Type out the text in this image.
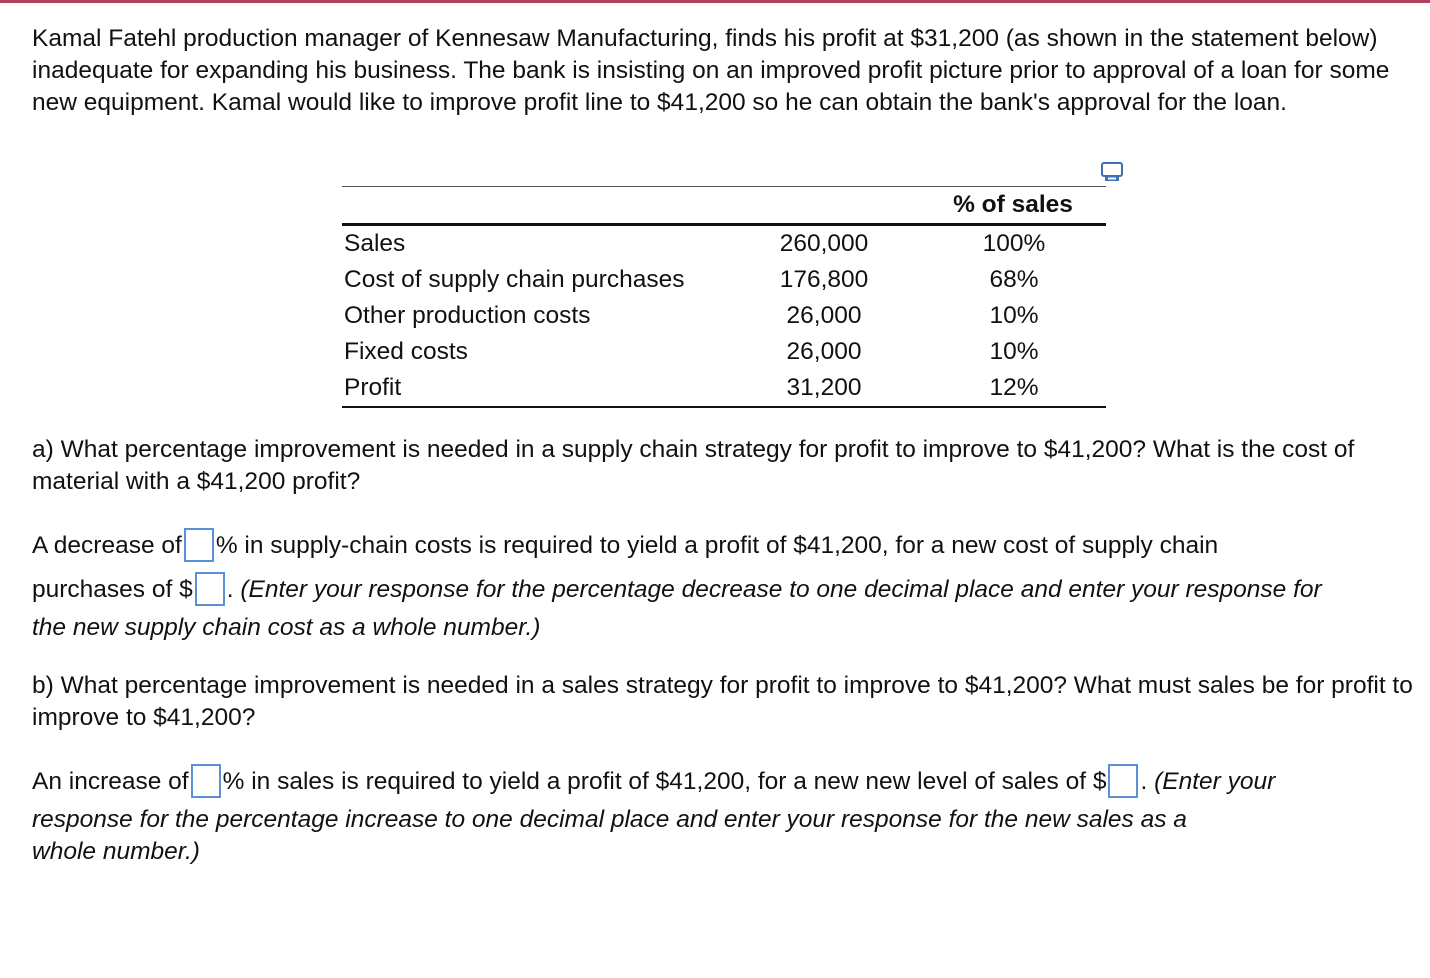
Kamal Fatehl production manager of Kennesaw Manufacturing, finds his profit at $31,200 (as shown in the statement below) inadequate for expanding his business. The bank is insisting on an improved profit picture prior to approval of a loan for some new equipment. Kamal would like to improve profit line to $41,200 so he can obtain the bank's approval for the loan.

% of sales
Sales	260,000	100%
Cost of supply chain purchases	176,800	68%
Other production costs	26,000	10%
Fixed costs	26,000	10%
Profit	31,200	12%

a) What percentage improvement is needed in a supply chain strategy for profit to improve to $41,200? What is the cost of material with a $41,200 profit?

A decrease of % in supply-chain costs is required to yield a profit of $41,200, for a new cost of supply chain
purchases of $ . (Enter your response for the percentage decrease to one decimal place and enter your response for
the new supply chain cost as a whole number.)

b) What percentage improvement is needed in a sales strategy for profit to improve to $41,200? What must sales be for profit to improve to $41,200?

An increase of % in sales is required to yield a profit of $41,200, for a new new level of sales of $ . (Enter your
response for the percentage increase to one decimal place and enter your response for the new sales as a
whole number.)
